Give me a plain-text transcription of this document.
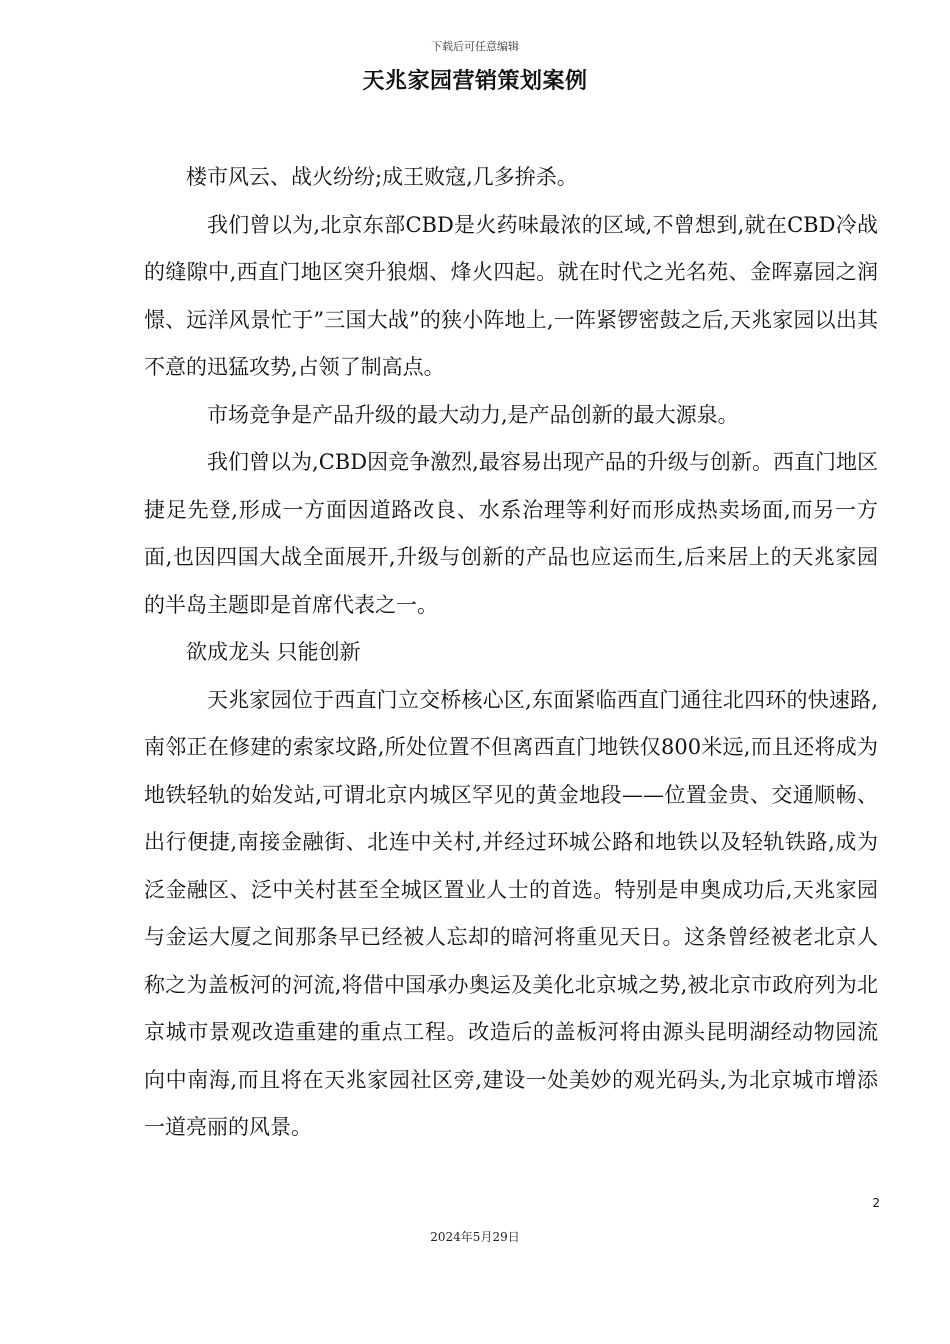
下载后可任意编辑
天兆家园营销策划案例

楼市风云、战火纷纷;成王败寇,几多拚杀。

我们曾以为,北京东部CBD是火药味最浓的区域,不曾想到,就在CBD冷战的缝隙中,西直门地区突升狼烟、烽火四起。就在时代之光名苑、金晖嘉园之润憬、远洋风景忙于”三国大战”的狭小阵地上,一阵紧锣密鼓之后,天兆家园以出其不意的迅猛攻势,占领了制高点。

市场竞争是产品升级的最大动力,是产品创新的最大源泉。

我们曾以为,CBD因竞争激烈,最容易出现产品的升级与创新。西直门地区捷足先登,形成一方面因道路改良、水系治理等利好而形成热卖场面,而另一方面,也因四国大战全面展开,升级与创新的产品也应运而生,后来居上的天兆家园的半岛主题即是首席代表之一。

欲成龙头 只能创新

天兆家园位于西直门立交桥核心区,东面紧临西直门通往北四环的快速路,南邻正在修建的索家坟路,所处位置不但离西直门地铁仅800米远,而且还将成为地铁轻轨的始发站,可谓北京内城区罕见的黄金地段——位置金贵、交通顺畅、出行便捷,南接金融街、北连中关村,并经过环城公路和地铁以及轻轨铁路,成为泛金融区、泛中关村甚至全城区置业人士的首选。特别是申奥成功后,天兆家园与金运大厦之间那条早已经被人忘却的暗河将重见天日。这条曾经被老北京人称之为盖板河的河流,将借中国承办奥运及美化北京城之势,被北京市政府列为北京城市景观改造重建的重点工程。改造后的盖板河将由源头昆明湖经动物园流向中南海,而且将在天兆家园社区旁,建设一处美妙的观光码头,为北京城市增添一道亮丽的风景。

2
2024年5月29日
